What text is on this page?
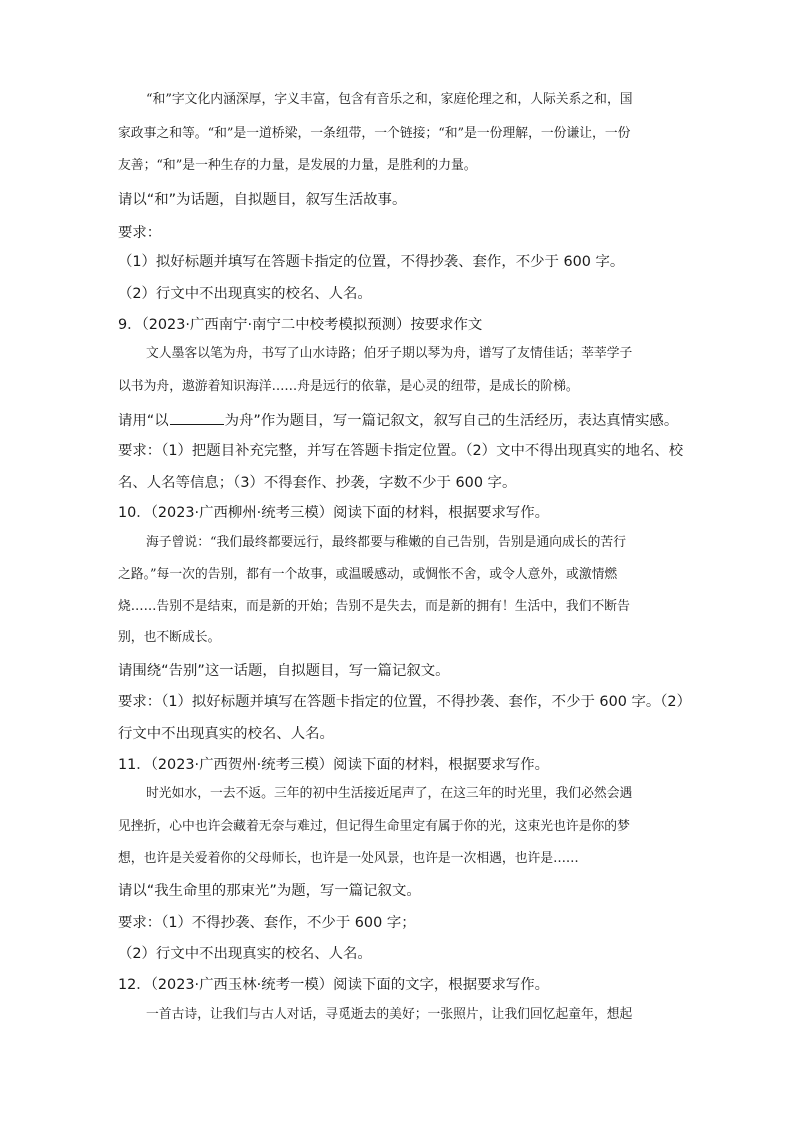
“和”字文化内涵深厚，字义丰富，包含有音乐之和，家庭伦理之和，人际关系之和，国
家政事之和等。“和”是一道桥梁，一条纽带，一个链接；“和”是一份理解，一份谦让，一份
友善；“和”是一种生存的力量，是发展的力量，是胜利的力量。
请以“和”为话题，自拟题目，叙写生活故事。
要求：
（1）拟好标题并填写在答题卡指定的位置，不得抄袭、套作，不少于 600 字。
（2）行文中不出现真实的校名、人名。
9．（2023·广西南宁·南宁二中校考模拟预测）按要求作文
文人墨客以笔为舟，书写了山水诗路；伯牙子期以琴为舟，谱写了友情佳话；莘莘学子
以书为舟，遨游着知识海洋……舟是远行的依靠，是心灵的纽带，是成长的阶梯。
请用“以	为舟”作为题目，写一篇记叙文，叙写自己的生活经历，表达真情实感。
要求：（1）把题目补充完整，并写在答题卡指定位置。（2）文中不得出现真实的地名、校
名、人名等信息；（3）不得套作、抄袭，字数不少于 600 字。
10．（2023·广西柳州·统考三模）阅读下面的材料，根据要求写作。
海子曾说：“我们最终都要远行，最终都要与稚嫩的自己告别，告别是通向成长的苦行
之路。”每一次的告别，都有一个故事，或温暖感动，或惆怅不舍，或令人意外，或激情燃
烧……告别不是结束，而是新的开始；告别不是失去，而是新的拥有！生活中，我们不断告
别，也不断成长。
请围绕“告别”这一话题，自拟题目，写一篇记叙文。
要求：（1）拟好标题并填写在答题卡指定的位置，不得抄袭、套作，不少于 600 字。（2）
行文中不出现真实的校名、人名。
11．（2023·广西贺州·统考三模）阅读下面的材料，根据要求写作。
时光如水，一去不返。三年的初中生活接近尾声了，在这三年的时光里，我们必然会遇
见挫折，心中也许会藏着无奈与难过，但记得生命里定有属于你的光，这束光也许是你的梦
想，也许是关爱着你的父母师长，也许是一处风景，也许是一次相遇，也许是……
请以“我生命里的那束光”为题，写一篇记叙文。
要求：（1）不得抄袭、套作，不少于 600 字；
（2）行文中不出现真实的校名、人名。
12．（2023·广西玉林·统考一模）阅读下面的文字，根据要求写作。
一首古诗，让我们与古人对话，寻觅逝去的美好；一张照片，让我们回忆起童年，想起
